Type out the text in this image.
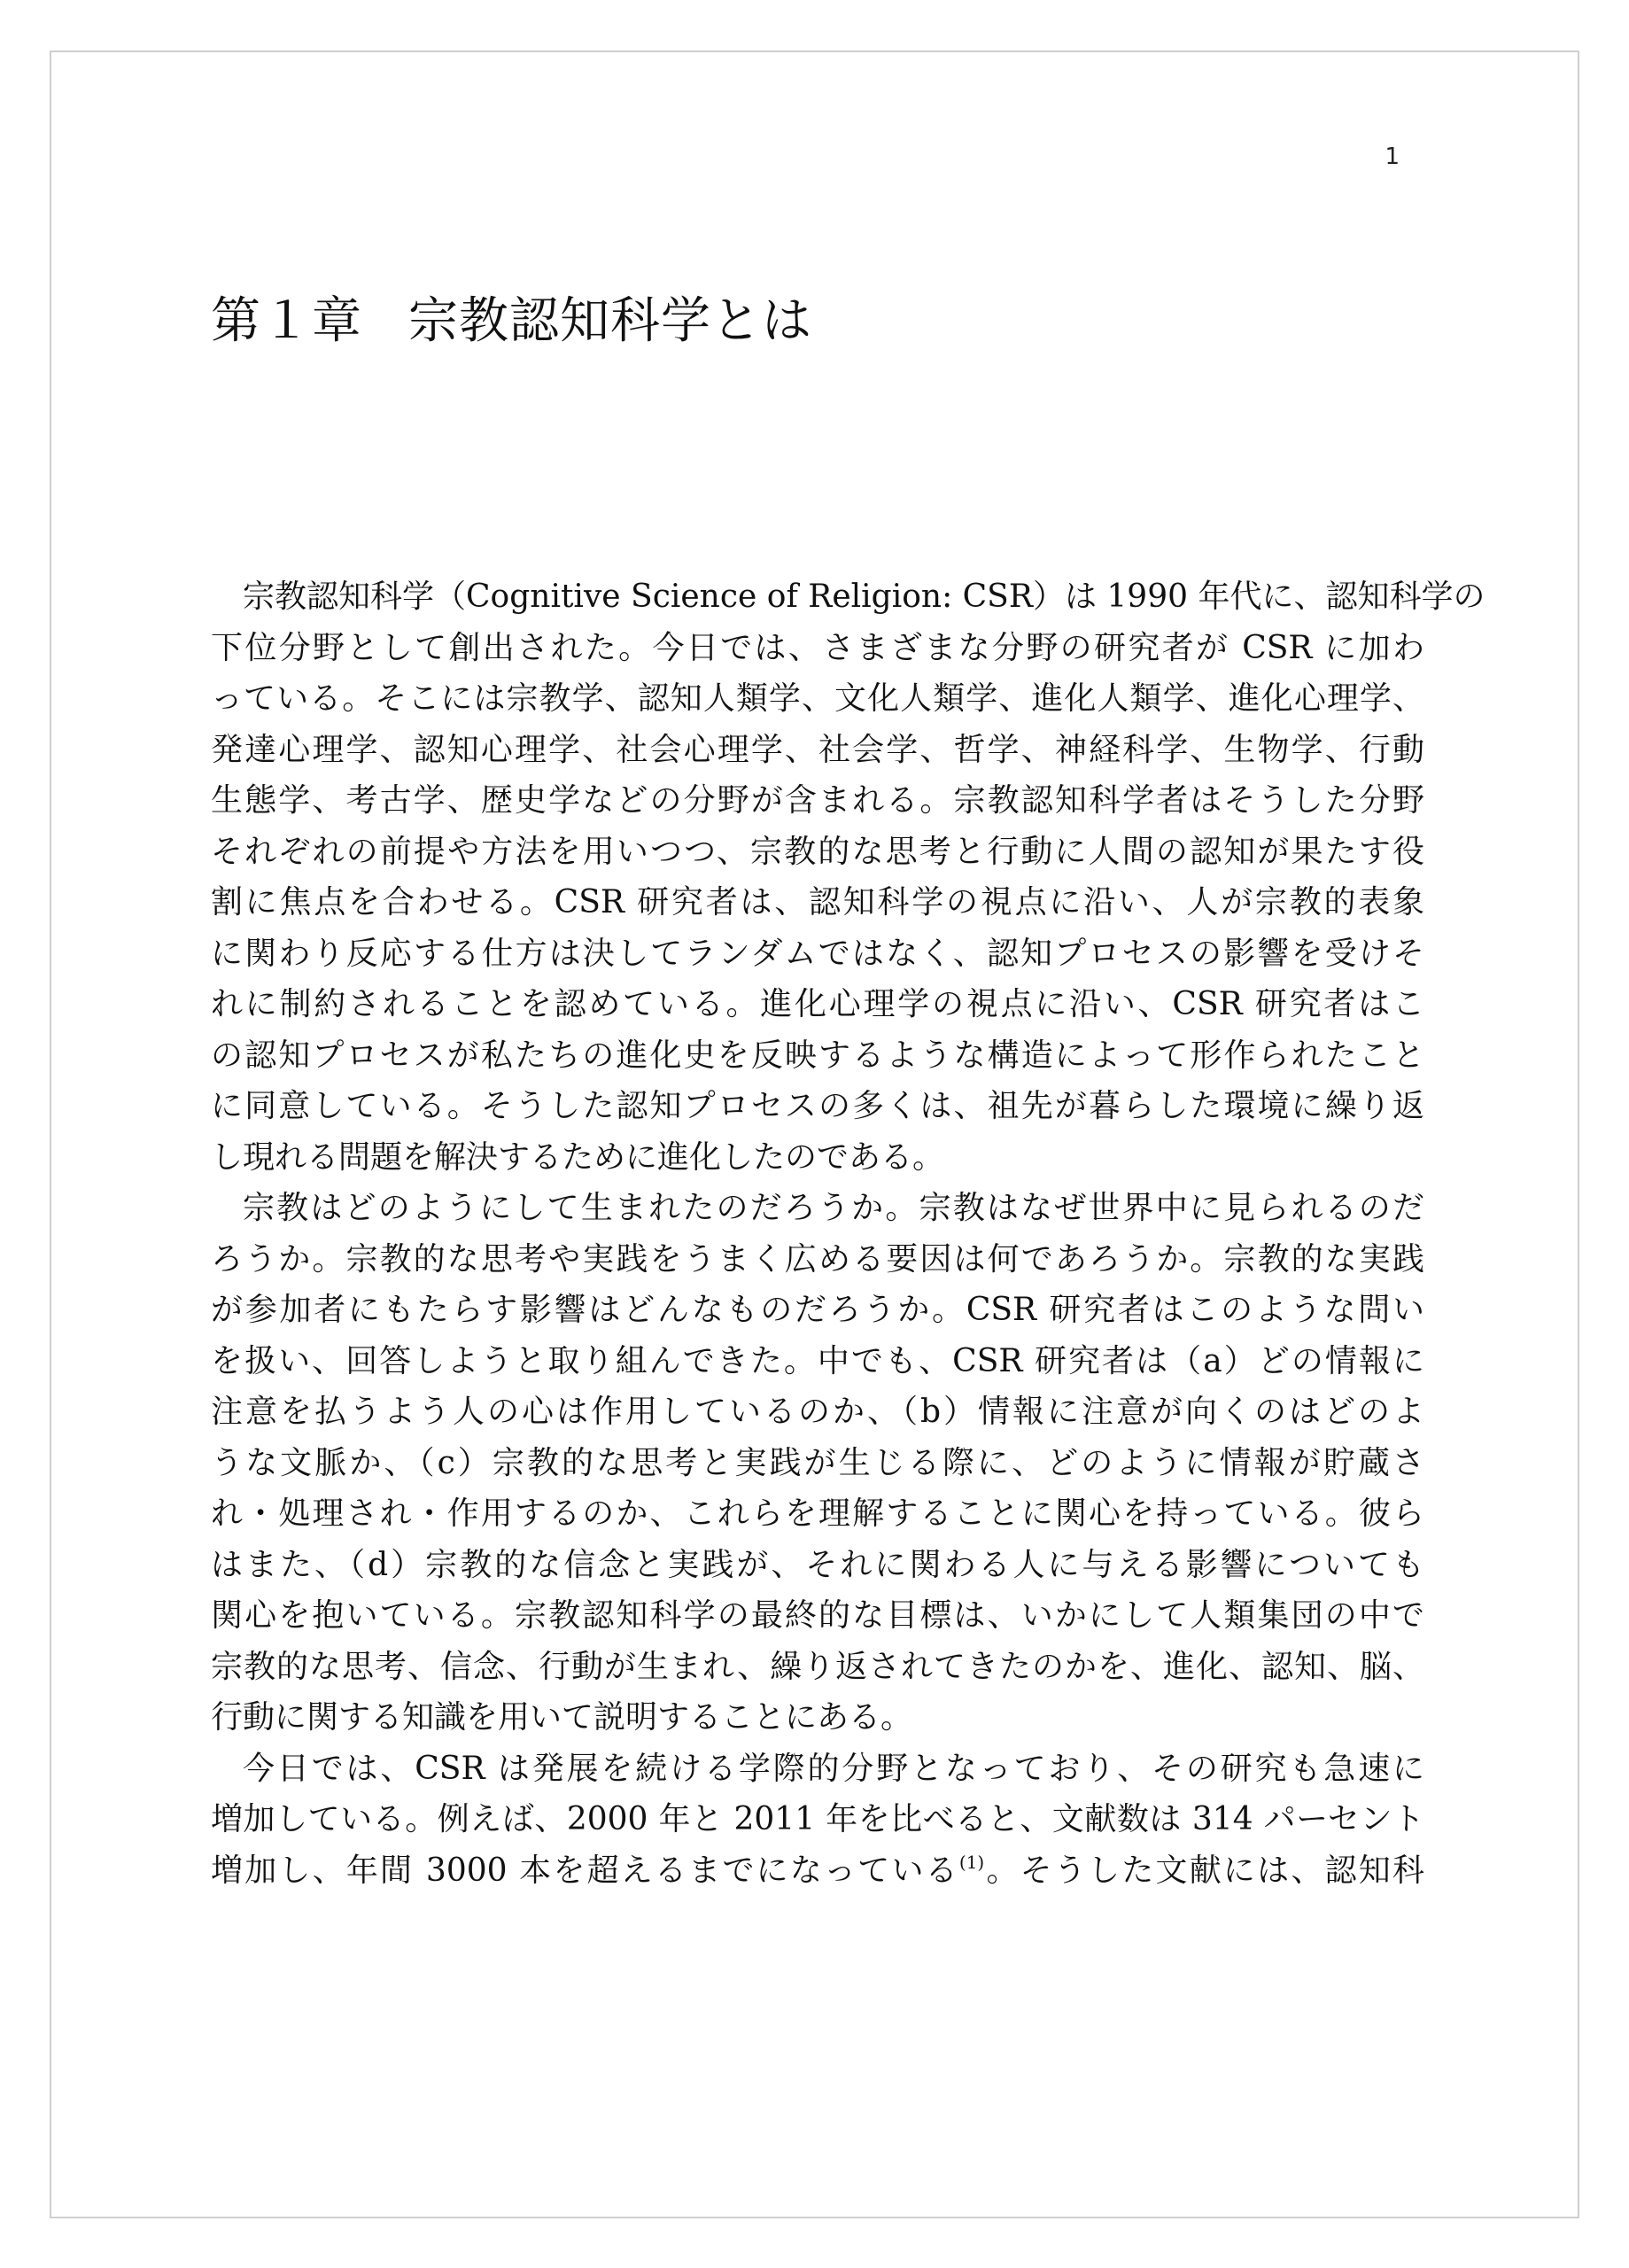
1
第１章 宗教認知科学とは
宗教認知科学（Cognitive Science of Religion: CSR）は 1990 年代に、認知科学の
下位分野として創出された。今日では、さまざまな分野の研究者が CSR に加わ
っている。そこには宗教学、認知人類学、文化人類学、進化人類学、進化心理学、
発達心理学、認知心理学、社会心理学、社会学、哲学、神経科学、生物学、行動
生態学、考古学、歴史学などの分野が含まれる。宗教認知科学者はそうした分野
それぞれの前提や方法を用いつつ、宗教的な思考と行動に人間の認知が果たす役
割に焦点を合わせる。CSR 研究者は、認知科学の視点に沿い、人が宗教的表象
に関わり反応する仕方は決してランダムではなく、認知プロセスの影響を受けそ
れに制約されることを認めている。進化心理学の視点に沿い、CSR 研究者はこ
の認知プロセスが私たちの進化史を反映するような構造によって形作られたこと
に同意している。そうした認知プロセスの多くは、祖先が暮らした環境に繰り返
し現れる問題を解決するために進化したのである。
宗教はどのようにして生まれたのだろうか。宗教はなぜ世界中に見られるのだ
ろうか。宗教的な思考や実践をうまく広める要因は何であろうか。宗教的な実践
が参加者にもたらす影響はどんなものだろうか。CSR 研究者はこのような問い
を扱い、回答しようと取り組んできた。中でも、CSR 研究者は（a）どの情報に
注意を払うよう人の心は作用しているのか、（b）情報に注意が向くのはどのよ
うな文脈か、（c）宗教的な思考と実践が生じる際に、どのように情報が貯蔵さ
れ・処理され・作用するのか、これらを理解することに関心を持っている。彼ら
はまた、（d）宗教的な信念と実践が、それに関わる人に与える影響についても
関心を抱いている。宗教認知科学の最終的な目標は、いかにして人類集団の中で
宗教的な思考、信念、行動が生まれ、繰り返されてきたのかを、進化、認知、脳、
行動に関する知識を用いて説明することにある。
今日では、CSR は発展を続ける学際的分野となっており、その研究も急速に
増加している。例えば、2000 年と 2011 年を比べると、文献数は 314 パーセント
増加し、年間 3000 本を超えるまでになっている$^{(1)}$。そうした文献には、認知科
